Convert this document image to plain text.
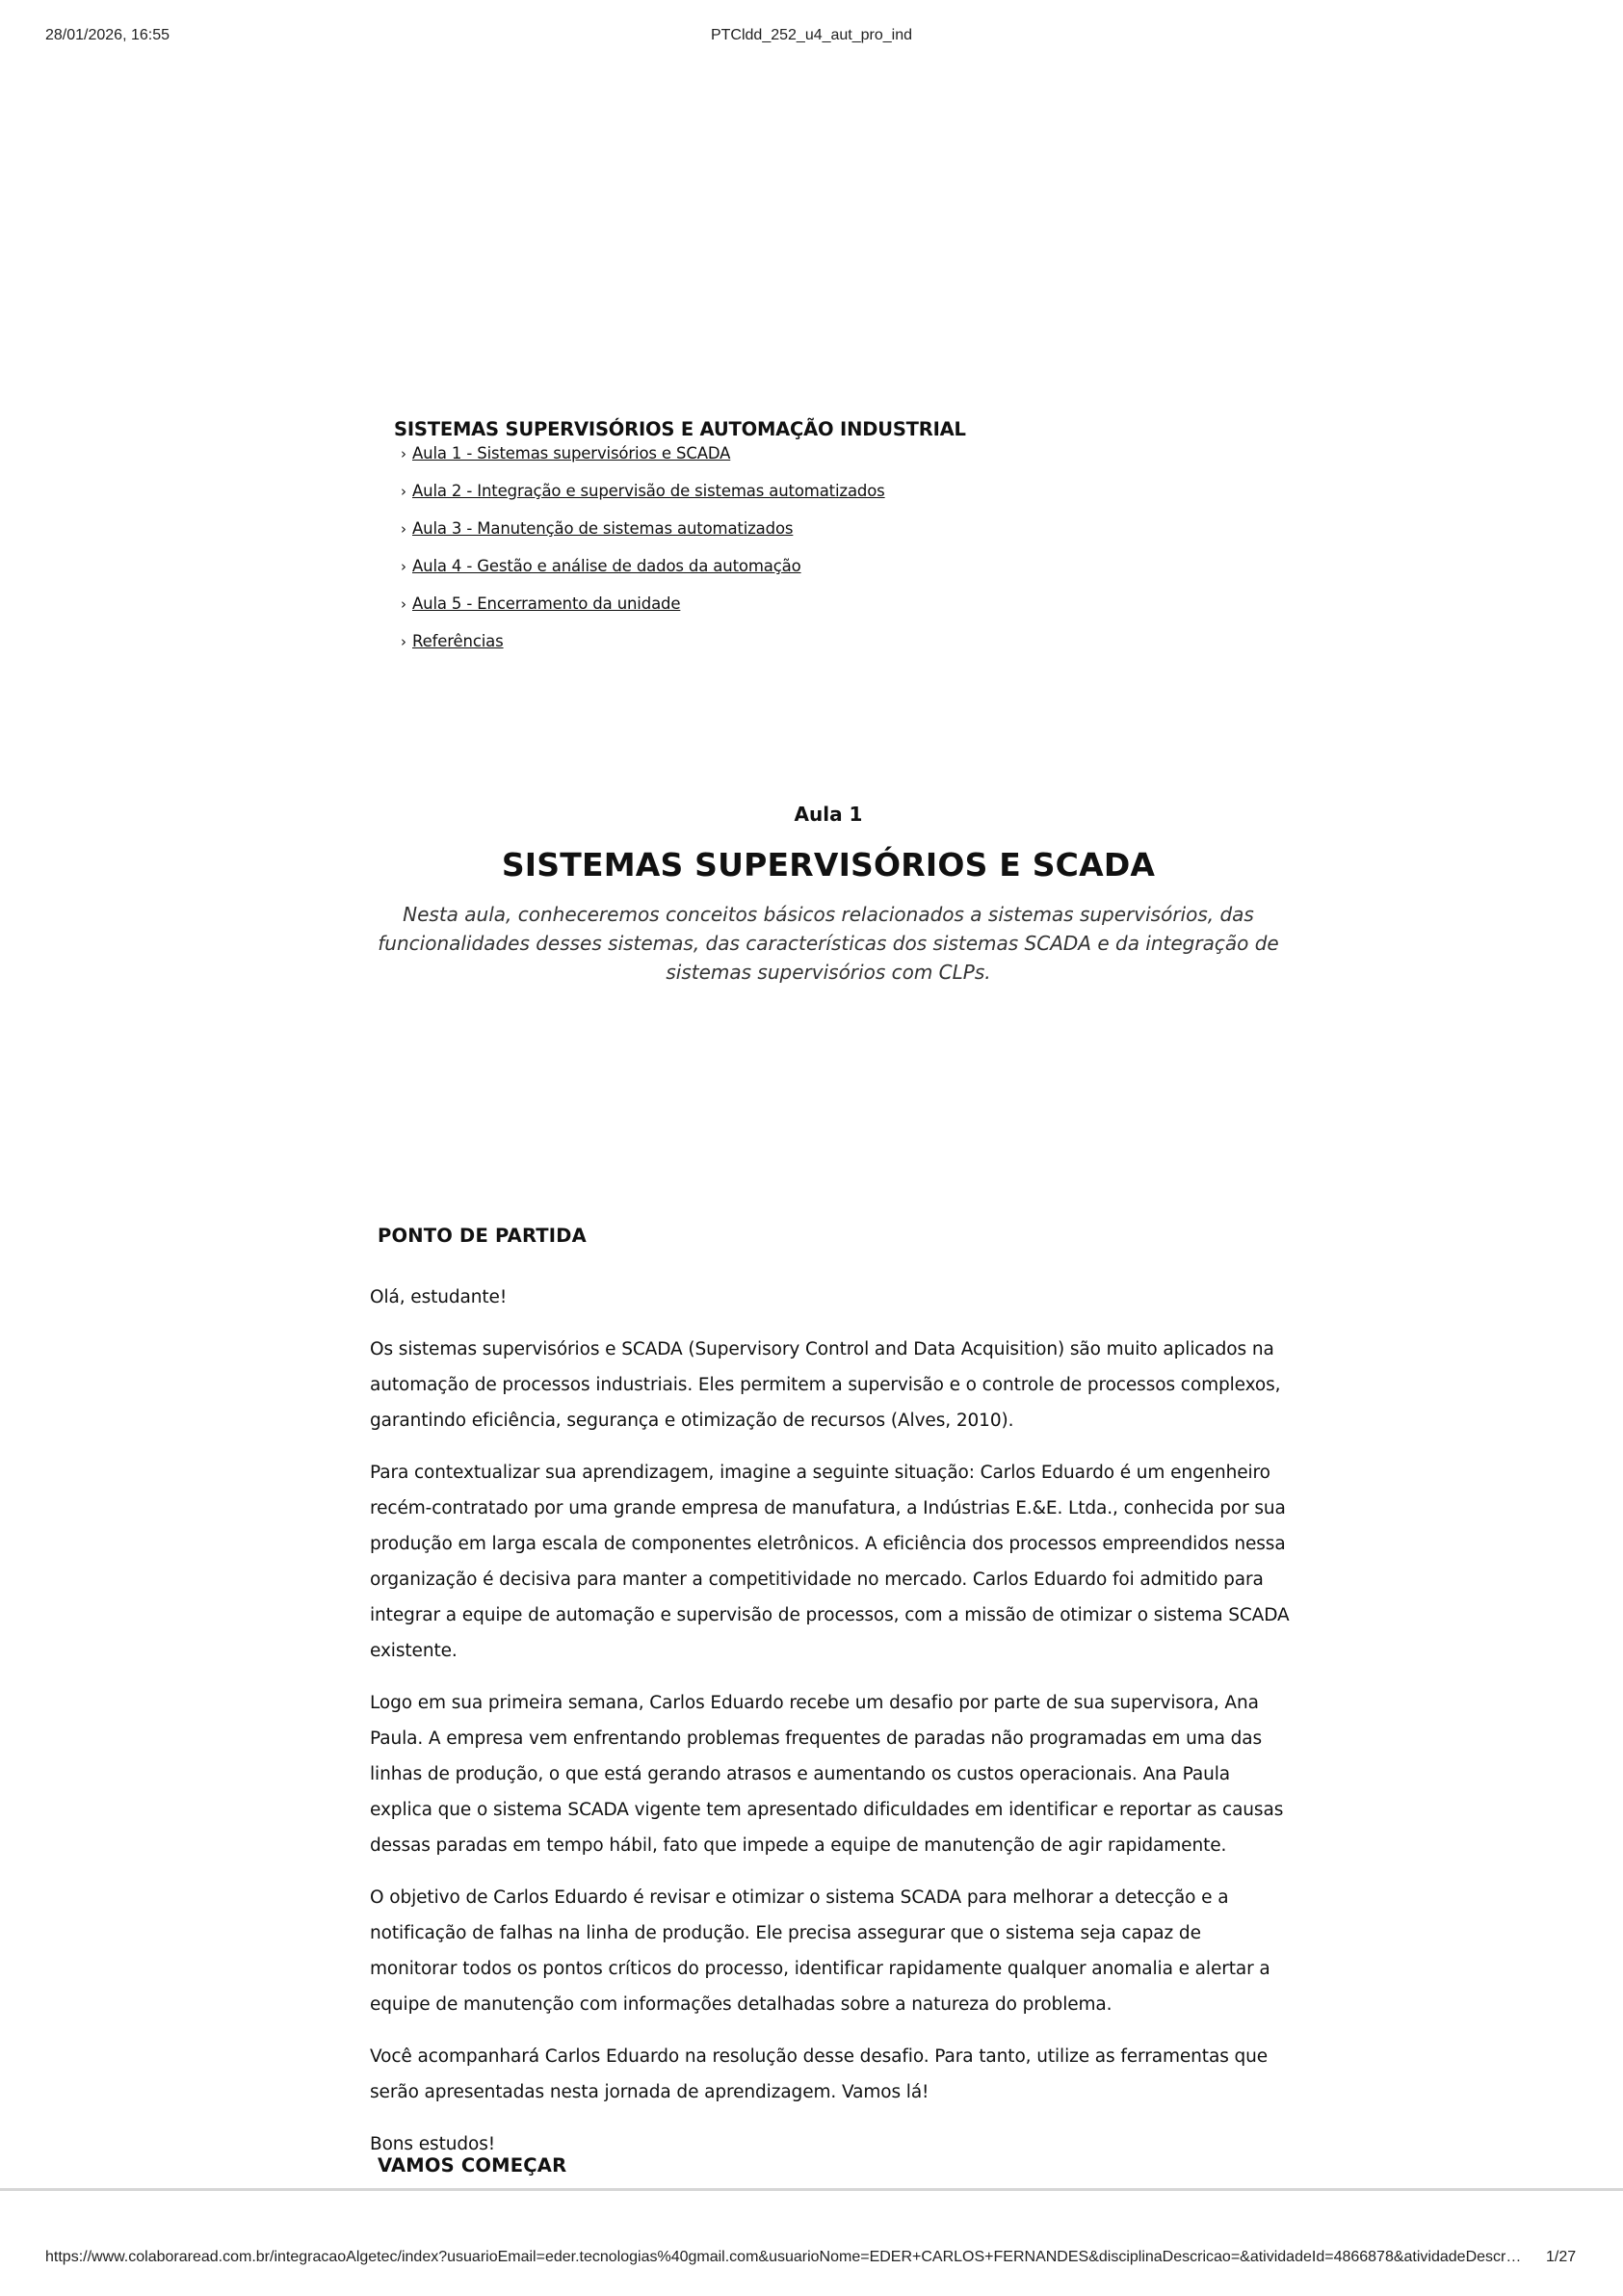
28/01/2026, 16:55	PTCldd_252_u4_aut_pro_ind
SISTEMAS SUPERVISÓRIOS E AUTOMAÇÃO INDUSTRIAL
› Aula 1 - Sistemas supervisórios e SCADA
› Aula 2 - Integração e supervisão de sistemas automatizados
› Aula 3 - Manutenção de sistemas automatizados
› Aula 4 - Gestão e análise de dados da automação
› Aula 5 - Encerramento da unidade
› Referências
Aula 1
SISTEMAS SUPERVISÓRIOS E SCADA

Nesta aula, conheceremos conceitos básicos relacionados a sistemas supervisórios, das funcionalidades desses sistemas, das características dos sistemas SCADA e da integração de sistemas supervisórios com CLPs.

PONTO DE PARTIDA

Olá, estudante!

Os sistemas supervisórios e SCADA (Supervisory Control and Data Acquisition) são muito aplicados na automação de processos industriais. Eles permitem a supervisão e o controle de processos complexos, garantindo eficiência, segurança e otimização de recursos (Alves, 2010).

Para contextualizar sua aprendizagem, imagine a seguinte situação: Carlos Eduardo é um engenheiro recém-contratado por uma grande empresa de manufatura, a Indústrias E.&E. Ltda., conhecida por sua produção em larga escala de componentes eletrônicos. A eficiência dos processos empreendidos nessa organização é decisiva para manter a competitividade no mercado. Carlos Eduardo foi admitido para integrar a equipe de automação e supervisão de processos, com a missão de otimizar o sistema SCADA existente.

Logo em sua primeira semana, Carlos Eduardo recebe um desafio por parte de sua supervisora, Ana Paula. A empresa vem enfrentando problemas frequentes de paradas não programadas em uma das linhas de produção, o que está gerando atrasos e aumentando os custos operacionais. Ana Paula explica que o sistema SCADA vigente tem apresentado dificuldades em identificar e reportar as causas dessas paradas em tempo hábil, fato que impede a equipe de manutenção de agir rapidamente.

O objetivo de Carlos Eduardo é revisar e otimizar o sistema SCADA para melhorar a detecção e a notificação de falhas na linha de produção. Ele precisa assegurar que o sistema seja capaz de monitorar todos os pontos críticos do processo, identificar rapidamente qualquer anomalia e alertar a equipe de manutenção com informações detalhadas sobre a natureza do problema.

Você acompanhará Carlos Eduardo na resolução desse desafio. Para tanto, utilize as ferramentas que serão apresentadas nesta jornada de aprendizagem. Vamos lá!

Bons estudos!

VAMOS COMEÇAR
https://www.colaboraread.com.br/integracaoAlgetec/index?usuarioEmail=eder.tecnologias%40gmail.com&usuarioNome=EDER+CARLOS+FERNANDES&disciplinaDescricao=&atividadeId=4866878&atividadeDescr… 1/27
